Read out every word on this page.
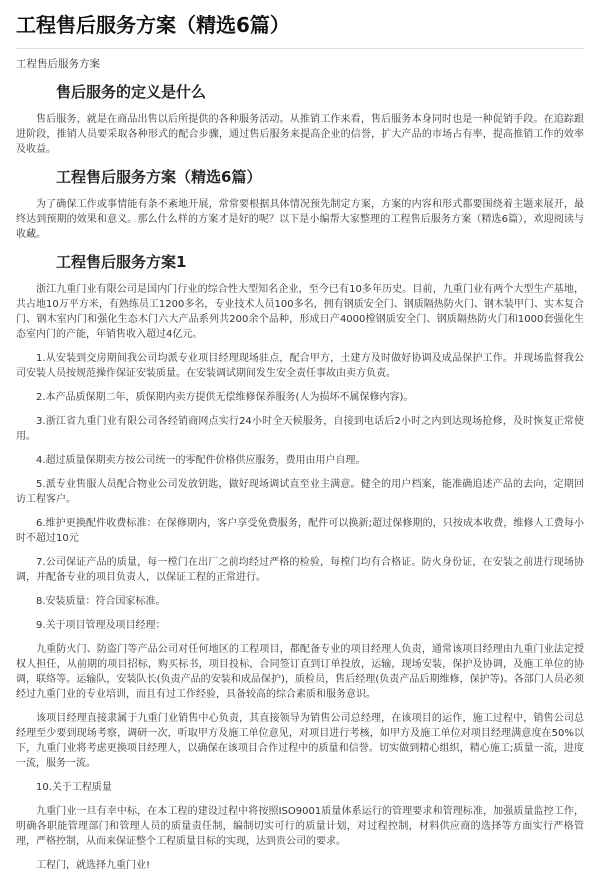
工程售后服务方案（精选6篇）
工程售后服务方案
售后服务的定义是什么

售后服务，就是在商品出售以后所提供的各种服务活动。从推销工作来看，售后服务本身同时也是一种促销手段。在追踪跟进阶段，推销人员要采取各种形式的配合步骤，通过售后服务来提高企业的信誉，扩大产品的市场占有率，提高推销工作的效率及收益。

工程售后服务方案（精选6篇）

为了确保工作或事情能有条不紊地开展，常常要根据具体情况预先制定方案，方案的内容和形式都要围绕着主题来展开，最终达到预期的效果和意义。那么什么样的方案才是好的呢？以下是小编帮大家整理的工程售后服务方案（精选6篇），欢迎阅读与收藏。

工程售后服务方案1

浙江九重门业有限公司是国内门行业的综合性大型知名企业，至今已有10多年历史。目前，九重门业有两个大型生产基地，共占地10万平方米，有熟练员工1200多名，专业技术人员100多名，拥有钢质安全门、钢质隔热防火门、钢木装甲门、实木复合门、钢木室内门和强化生态木门六大产品系列共200余个品种，形成日产4000樘钢质安全门、钢质隔热防火门和1000套强化生态室内门的产能，年销售收入超过4亿元。

1.从安装到交房期间我公司均派专业项目经理现场驻点，配合甲方，土建方及时做好协调及成品保护工作。并现场监督我公司安装人员按规范操作保证安装质量。在安装调试期间发生安全责任事故由卖方负责。

2.本产品质保期二年，质保期内卖方提供无偿维修保养服务(人为损坏不属保修内容)。

3.浙江省九重门业有限公司各经销商网点实行24小时全天候服务，自接到电话后2小时之内到达现场抢修，及时恢复正常使用。

4.超过质量保期卖方按公司统一的零配件价格供应服务，费用由用户自理。

5.派专业售服人员配合物业公司发放钥匙，做好现场调试直至业主满意。健全的用户档案，能准确追述产品的去向，定期回访工程客户。

6.维护更换配件收费标准：在保修期内，客户享受免费服务，配件可以换新;超过保修期的，只按成本收费，维修人工费每小时不超过10元

7.公司保证产品的质量，每一樘门在出厂之前均经过严格的检验，每樘门均有合格证。防火身份证，在安装之前进行现场协调，并配备专业的项目负责人，以保证工程的正常进行。

8.安装质量：符合国家标准。

9.关于项目管理及项目经理：

九重防火门、防盗门等产品公司对任何地区的工程项目，都配备专业的项目经理人负责，通常该项目经理由九重门业法定授权人担任，从前期的项目招标，购买标书，项目投标，合同签订直到订单投放，运输，现场安装，保护及协调，及施工单位的协调，联络等。运输队，安装队长(负责产品的安装和成品保护)，质检员，售后经理(负责产品后期维修，保护等)。各部门人员必须经过九重门业的专业培训，而且有过工作经验，具备较高的综合素质和服务意识。

该项目经理直接隶属于九重门业销售中心负责，其直接领导为销售公司总经理，在该项目的运作，施工过程中，销售公司总经理至少要到现场考察，调研一次，听取甲方及施工单位意见，对项目进行考核，如甲方及施工单位对项目经理满意度在50%以下，九重门业将考虑更换项目经理人，以确保在该项目合作过程中的质量和信誉。切实做到精心组织，精心施工;质量一流，进度一流，服务一流。

10.关于工程质量

九重门业一旦有幸中标，在本工程的建设过程中将按照ISO9001质量体系运行的管理要求和管理标准，加强质量监控工作，明确各职能管理部门和管理人员的质量责任制，编制切实可行的质量计划，对过程控制，材料供应商的选择等方面实行严格管理，严格控制，从而来保证整个工程质量目标的实现，达到贵公司的要求。

工程门，就选择九重门业!
